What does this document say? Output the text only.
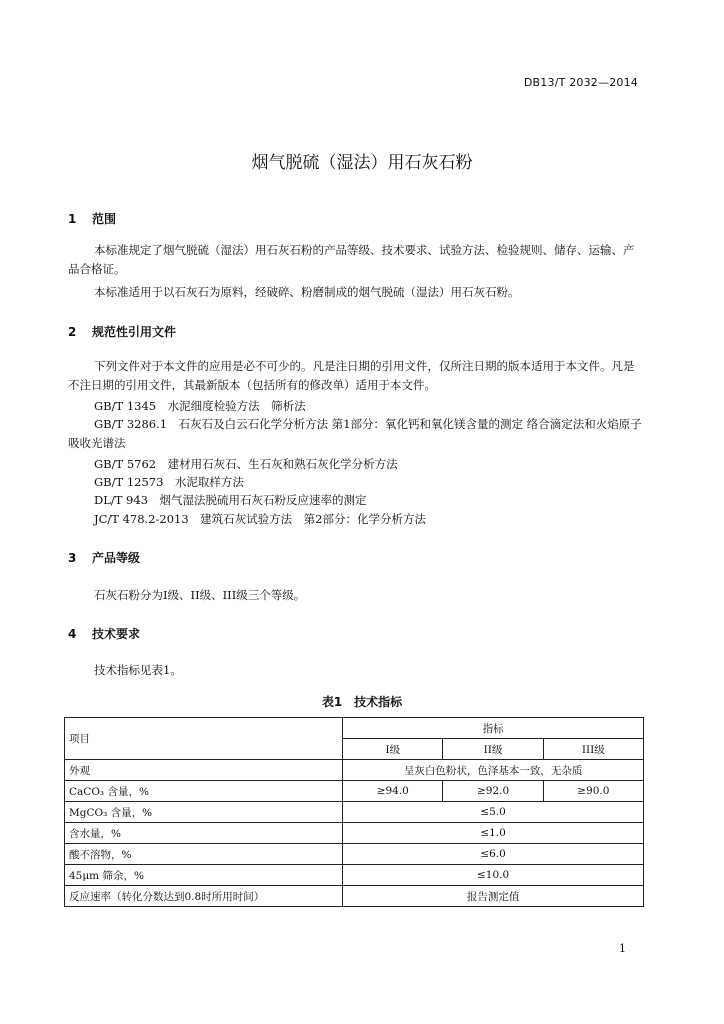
DB13/T 2032—2014
烟气脱硫（湿法）用石灰石粉
1 范围

本标准规定了烟气脱硫（湿法）用石灰石粉的产品等级、技术要求、试验方法、检验规则、储存、运输、产品合格证。

本标准适用于以石灰石为原料，经破碎、粉磨制成的烟气脱硫（湿法）用石灰石粉。

2 规范性引用文件

下列文件对于本文件的应用是必不可少的。凡是注日期的引用文件，仅所注日期的版本适用于本文件。凡是不注日期的引用文件，其最新版本（包括所有的修改单）适用于本文件。

GB/T 1345　水泥细度检验方法　筛析法

GB/T 3286.1　石灰石及白云石化学分析方法 第1部分：氧化钙和氧化镁含量的测定 络合滴定法和火焰原子吸收光谱法

GB/T 5762　建材用石灰石、生石灰和熟石灰化学分析方法
GB/T 12573　水泥取样方法
DL/T 943　烟气湿法脱硫用石灰石粉反应速率的测定
JC/T 478.2-2013　建筑石灰试验方法　第2部分：化学分析方法
3 产品等级

石灰石粉分为I级、II级、III级三个等级。

4 技术要求

技术指标见表1。

表1　技术指标
项目	指标		
	I级	II级	III级
外观	呈灰白色粉状，色泽基本一致，无杂质		
CaCO₃ 含量，%	≥94.0	≥92.0	≥90.0
MgCO₃ 含量，%	≤5.0		
含水量，%	≤1.0		
酸不溶物，%	≤6.0		
45μm 筛余，%	≤10.0		
反应速率（转化分数达到0.8时所用时间）	报告测定值		
1
